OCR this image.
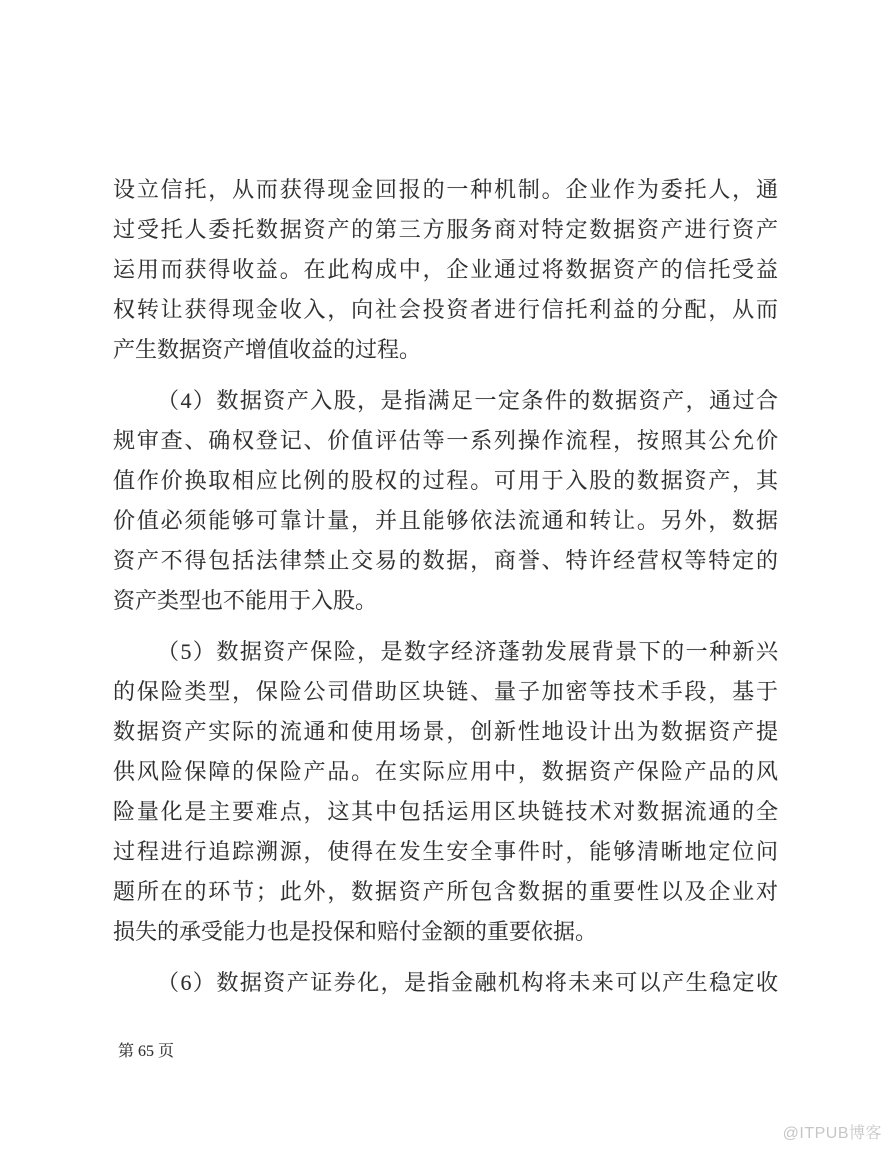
设立信托，从而获得现金回报的一种机制。企业作为委托人，通
过受托人委托数据资产的第三方服务商对特定数据资产进行资产
运用而获得收益。在此构成中，企业通过将数据资产的信托受益
权转让获得现金收入，向社会投资者进行信托利益的分配，从而
产生数据资产增值收益的过程。
（4）数据资产入股，是指满足一定条件的数据资产，通过合
规审查、确权登记、价值评估等一系列操作流程，按照其公允价
值作价换取相应比例的股权的过程。可用于入股的数据资产，其
价值必须能够可靠计量，并且能够依法流通和转让。另外，数据
资产不得包括法律禁止交易的数据，商誉、特许经营权等特定的
资产类型也不能用于入股。
（5）数据资产保险，是数字经济蓬勃发展背景下的一种新兴
的保险类型，保险公司借助区块链、量子加密等技术手段，基于
数据资产实际的流通和使用场景，创新性地设计出为数据资产提
供风险保障的保险产品。在实际应用中，数据资产保险产品的风
险量化是主要难点，这其中包括运用区块链技术对数据流通的全
过程进行追踪溯源，使得在发生安全事件时，能够清晰地定位问
题所在的环节；此外，数据资产所包含数据的重要性以及企业对
损失的承受能力也是投保和赔付金额的重要依据。
（6）数据资产证券化，是指金融机构将未来可以产生稳定收
第 65 页
@ITPUB博客
